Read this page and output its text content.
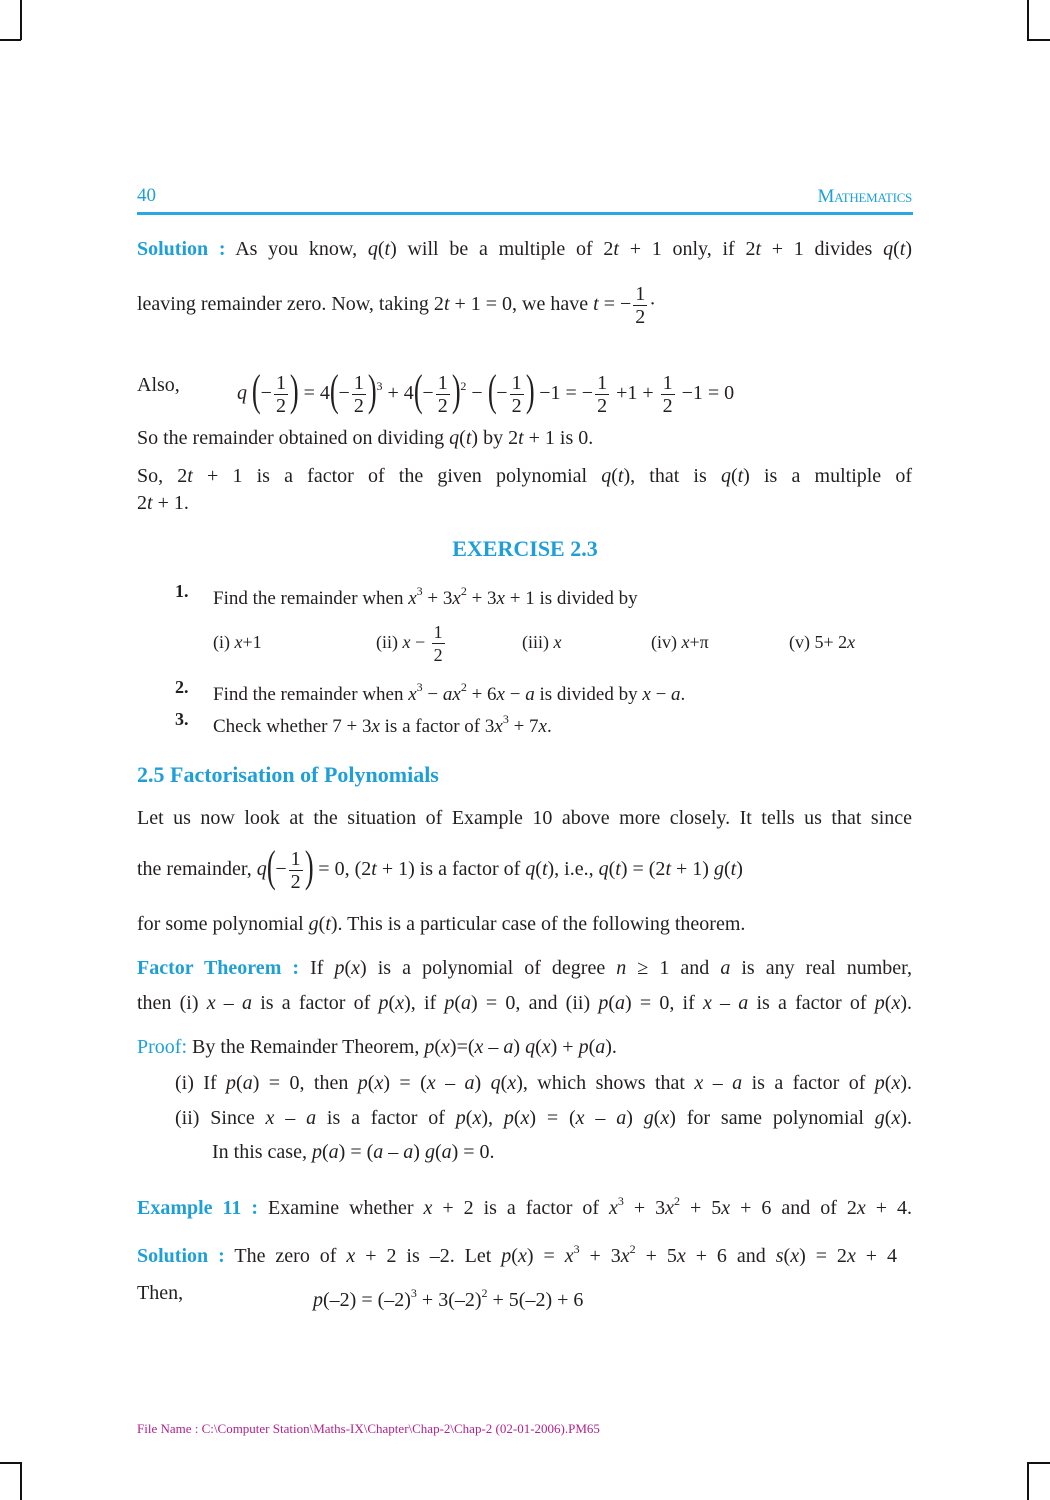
40	Mathematics
Solution : As you know, q(t) will be a multiple of 2t + 1 only, if 2t + 1 divides q(t)
leaving remainder zero. Now, taking 2t + 1 = 0, we have t = − $\frac{1}{2}$ ·
Also,	q (− $\frac{1}{2}$ ) = $4(- \frac{1}{2} )^3 + 4(- \frac{1}{2} )^2$ − (− $\frac{1}{2}$ ) −1 = − $\frac{1}{2} +1 + \frac{1}{2} -1 = 0$
So the remainder obtained on dividing q(t) by 2t + 1 is 0.
So, 2t + 1 is a factor of the given polynomial q(t), that is q(t) is a multiple of
2t + 1.
EXERCISE 2.3
1. Find the remainder when $x^3 + 3x^2 + 3x + 1$ is divided by
(i) x+1	(ii) $x - \frac{1}{2}$	(iii) x	(iv) x+π	(v) 5+ 2x
2. Find the remainder when $x^3 - ax^2 + 6x - a$ is divided by x − a.
3. Check whether 7 + 3x is a factor of $3x^3 + 7x$.
2.5 Factorisation of Polynomials
Let us now look at the situation of Example 10 above more closely. It tells us that since
the remainder, $q(- \frac{1}{2}$ ) = 0, (2t + 1) is a factor of q(t), i.e., q(t) = (2t + 1) g(t)
for some polynomial g(t). This is a particular case of the following theorem.
Factor Theorem : If p(x) is a polynomial of degree n ≥ 1 and a is any real number,
then (i) x – a is a factor of p(x), if p(a) = 0, and (ii) p(a) = 0, if x – a is a factor of p(x).
Proof: By the Remainder Theorem, p(x)=(x – a) q(x) + p(a).
(i) If p(a) = 0, then p(x) = (x – a) q(x), which shows that x – a is a factor of p(x).
(ii) Since x – a is a factor of p(x), p(x) = (x – a) g(x) for same polynomial g(x).
In this case, p(a) = (a – a) g(a) = 0.
Example 11 : Examine whether x + 2 is a factor of $x^3 + 3x^2 + 5x + 6$ and of 2x + 4.
Solution : The zero of x + 2 is –2. Let $p(x) = x^3 + 3x^2 + 5x + 6$ and s(x) = 2x + 4
Then,	$p(-2) = (-2)^3 + 3(-2)^2 + 5(-2) + 6$
File Name : C:\Computer Station\Maths-IX\Chapter\Chap-2\Chap-2 (02-01-2006).PM65
